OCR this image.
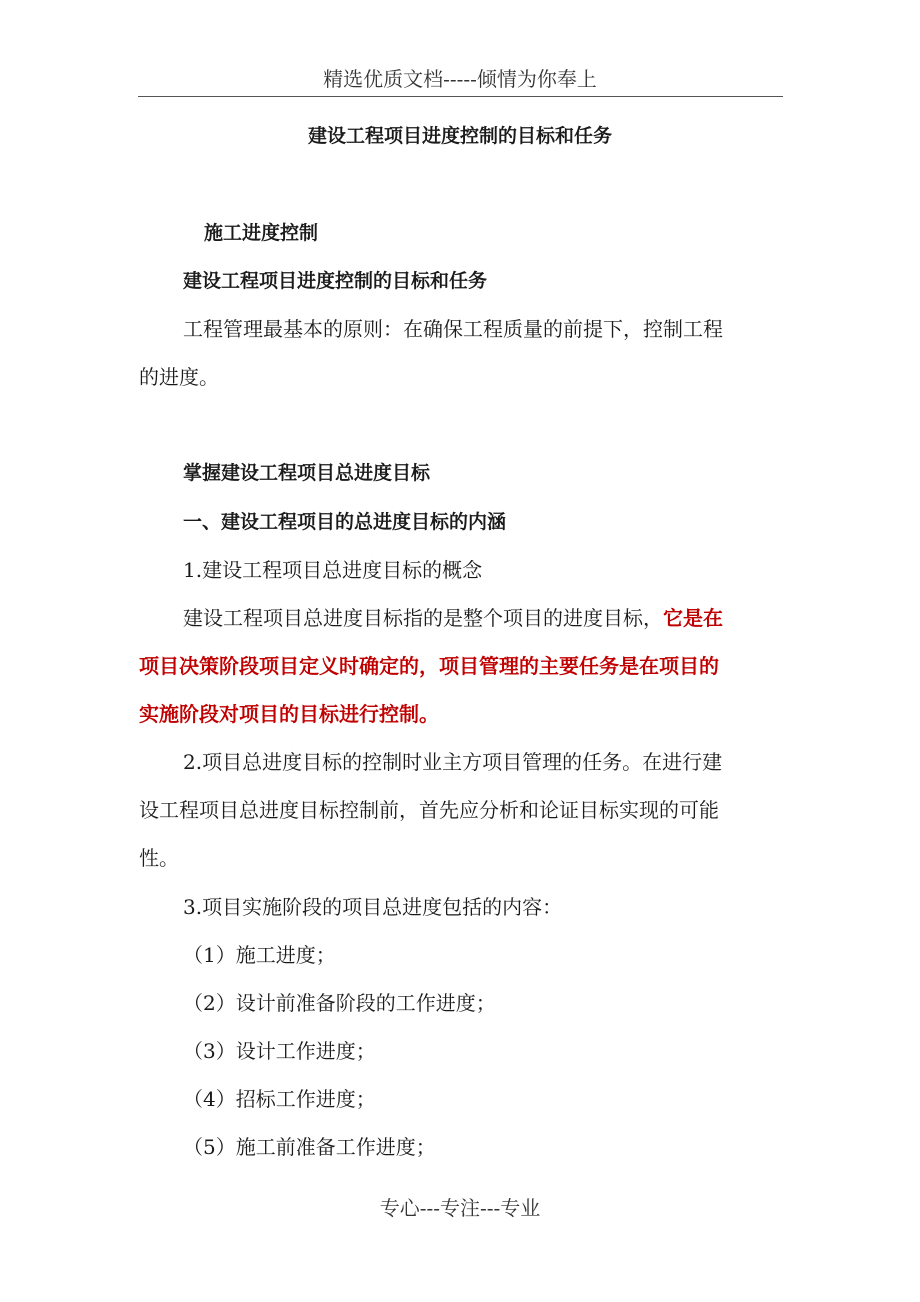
精选优质文档-----倾情为你奉上
建设工程项目进度控制的目标和任务
施工进度控制
建设工程项目进度控制的目标和任务
工程管理最基本的原则：在确保工程质量的前提下，控制工程
的进度。
掌握建设工程项目总进度目标
一、建设工程项目的总进度目标的内涵
1.建设工程项目总进度目标的概念
建设工程项目总进度目标指的是整个项目的进度目标，它是在
项目决策阶段项目定义时确定的，项目管理的主要任务是在项目的
实施阶段对项目的目标进行控制。
2.项目总进度目标的控制时业主方项目管理的任务。在进行建
设工程项目总进度目标控制前，首先应分析和论证目标实现的可能
性。
3.项目实施阶段的项目总进度包括的内容：
（1）施工进度；
（2）设计前准备阶段的工作进度；
（3）设计工作进度；
（4）招标工作进度；
（5）施工前准备工作进度；
专心---专注---专业
